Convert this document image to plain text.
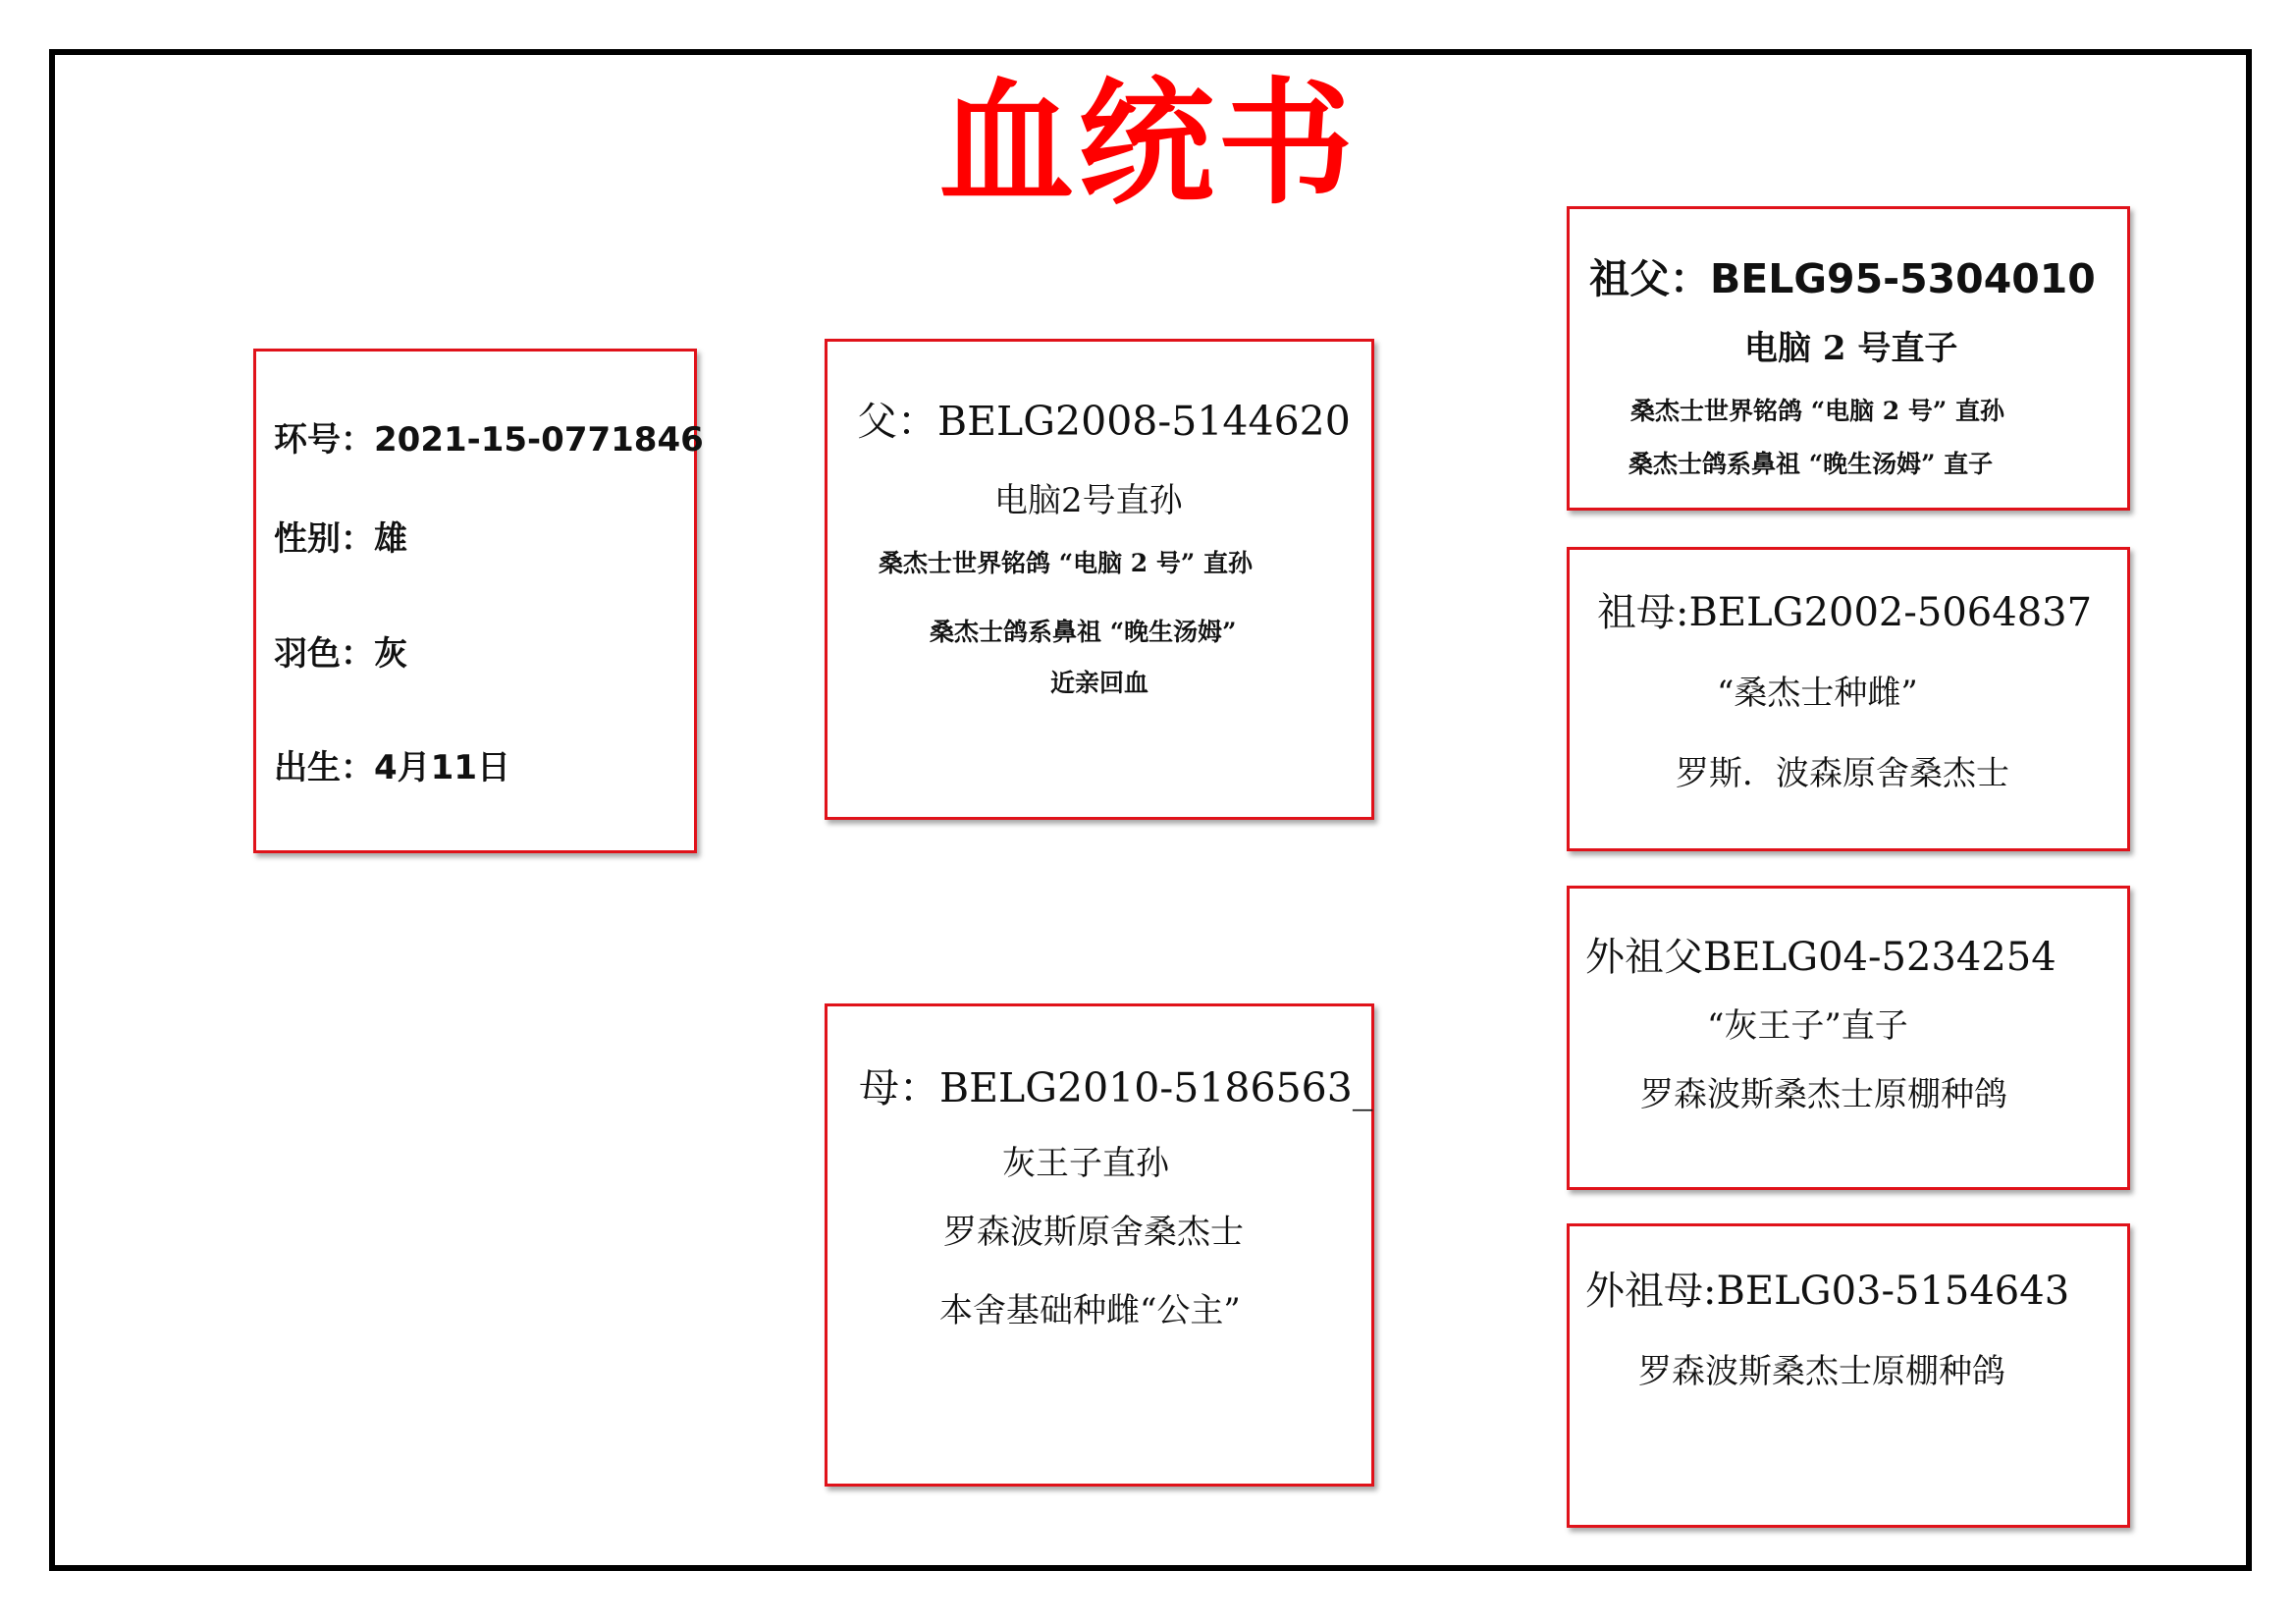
血统书
环号：2021-15-0771846
性别：雄
羽色：灰
出生：4月11日
父：BELG2008-5144620
电脑2号直孙
桑杰士世界铭鸽 “电脑 2 号” 直孙
桑杰士鸽系鼻祖 “晚生汤姆”
近亲回血
母：BELG2010-5186563_
灰王子直孙
罗森波斯原舍桑杰士
本舍基础种雌“公主”
祖父：BELG95-5304010
电脑 2 号直子
桑杰士世界铭鸽 “电脑 2 号” 直孙
桑杰士鸽系鼻祖 “晚生汤姆” 直子
祖母:BELG2002-5064837
“桑杰士种雌”
罗斯．波森原舍桑杰士
外祖父BELG04-5234254
“灰王子”直子
罗森波斯桑杰士原棚种鸽
外祖母:BELG03-5154643
罗森波斯桑杰士原棚种鸽
